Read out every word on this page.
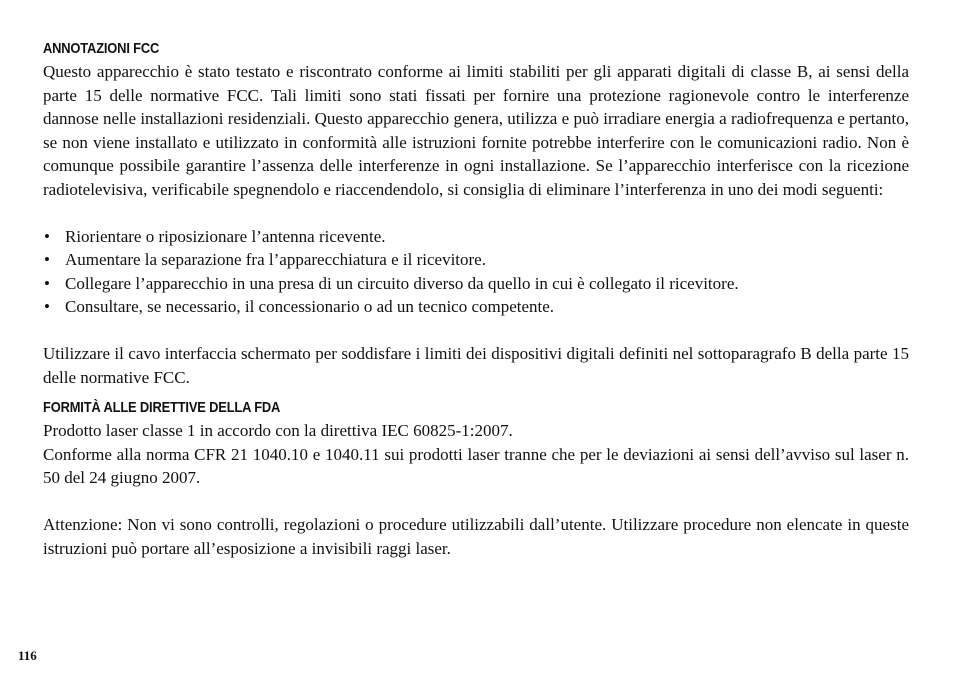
ANNOTAZIONI FCC

Questo apparecchio è stato testato e riscontrato conforme ai limiti stabiliti per gli apparati digitali di classe B, ai sensi della parte 15 delle normative FCC. Tali limiti sono stati fissati per fornire una protezione ragionevole contro le interferenze dannose nelle installazioni residenziali. Questo apparecchio genera, utilizza e può irradiare energia a radiofrequenza e pertanto, se non viene installato e utilizzato in conformità alle istruzioni fornite potrebbe interferire con le comunicazioni radio. Non è comunque possibile garantire l’assenza delle interferenze in ogni installazione. Se l’apparecchio interferisce con la ricezione radiotelevisiva, verificabile spegnendolo e riaccendendolo, si consiglia di eliminare l’interferenza in uno dei modi seguenti:

• Riorientare o riposizionare l’antenna ricevente.
• Aumentare la separazione fra l’apparecchiatura e il ricevitore.
• Collegare l’apparecchio in una presa di un circuito diverso da quello in cui è collegato il ricevitore.
• Consultare, se necessario, il concessionario o ad un tecnico competente.

Utilizzare il cavo interfaccia schermato per soddisfare i limiti dei dispositivi digitali definiti nel sottoparagrafo B della parte 15 delle normative FCC.

FORMITÀ ALLE DIRETTIVE DELLA FDA

Prodotto laser classe 1 in accordo con la direttiva IEC 60825-1:2007.

Conforme alla norma CFR 21 1040.10 e 1040.11 sui prodotti laser tranne che per le deviazioni ai sensi dell’avviso sul laser n. 50 del 24 giugno 2007.

Attenzione: Non vi sono controlli, regolazioni o procedure utilizzabili dall’utente. Utilizzare procedure non elencate in queste istruzioni può portare all’esposizione a invisibili raggi laser.

116
